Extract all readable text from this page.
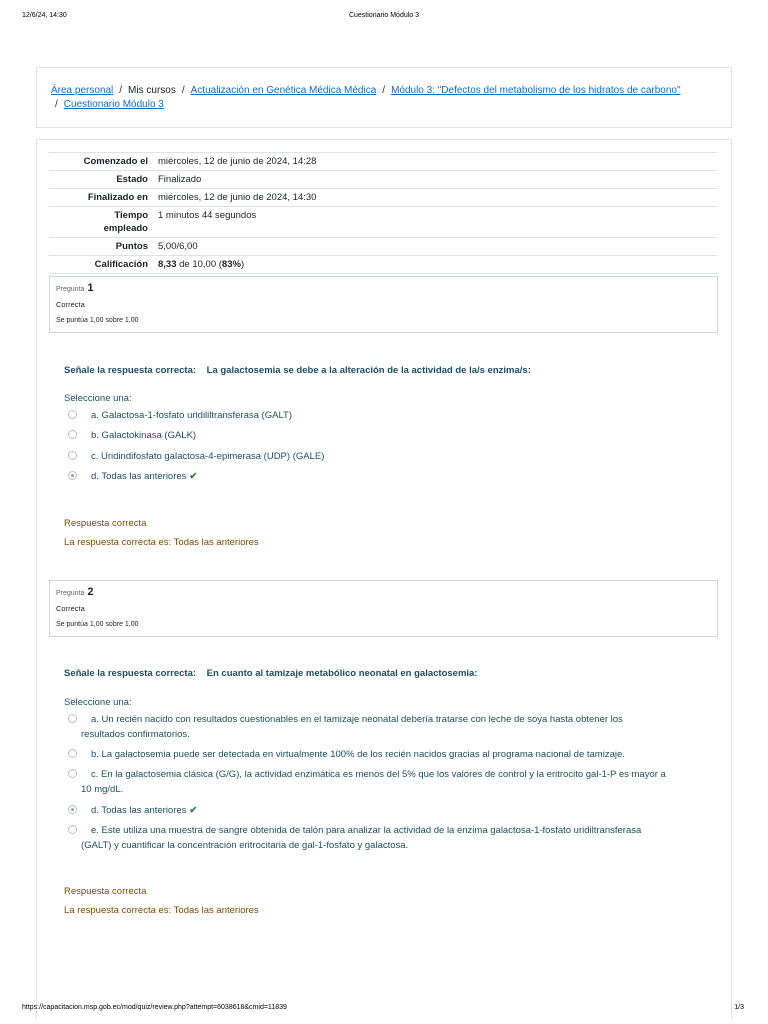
12/6/24, 14:30	Cuestionario Módulo 3
Área personal / Mis cursos / Actualización en Genética Médica Médica / Módulo 3: "Defectos del metabolismo de los hidratos de carbono"
/ Cuestionario Módulo 3
Comenzado el	miércoles, 12 de junio de 2024, 14:28
Estado	Finalizado
Finalizado en	miércoles, 12 de junio de 2024, 14:30
Tiempo
empleado	1 minutos 44 segundos
Puntos	5,00/6,00
Calificación	8,33 de 10,00 (83%)
Pregunta 1
Correcta
Se puntúa 1,00 sobre 1,00
Señale la respuesta correcta: La galactosemia se debe a la alteración de la actividad de la/s enzima/s:
Seleccione una:
a. Galactosa-1-fosfato uridililtransferasa (GALT)
b. Galactokinasa (GALK)
c. Uridindifosfato galactosa-4-epimerasa (UDP) (GALE)
d. Todas las anteriores ✔
Respuesta correcta
La respuesta correcta es: Todas las anteriores
Pregunta 2
Correcta
Se puntúa 1,00 sobre 1,00
Señale la respuesta correcta: En cuanto al tamizaje metabólico neonatal en galactosemia:
Seleccione una:
a. Un recién nacido con resultados cuestionables en el tamizaje neonatal debería tratarse con leche de soya hasta obtener los
resultados confirmatorios.
b. La galactosemia puede ser detectada en virtualmente 100% de los recién nacidos gracias al programa nacional de tamizaje.
c. En la galactosemia clásica (G/G), la actividad enzimática es menos del 5% que los valores de control y la eritrocito gal-1-P es mayor a
10 mg/dL.
d. Todas las anteriores ✔
e. Este utiliza una muestra de sangre obtenida de talón para analizar la actividad de la enzima galactosa-1-fosfato uridiltransferasa
(GALT) y cuantificar la concentración eritrocitaria de gal-1-fosfato y galactosa.
Respuesta correcta
La respuesta correcta es: Todas las anteriores
https://capacitacion.msp.gob.ec/mod/quiz/review.php?attempt=6038618&cmid=11839	1/3
